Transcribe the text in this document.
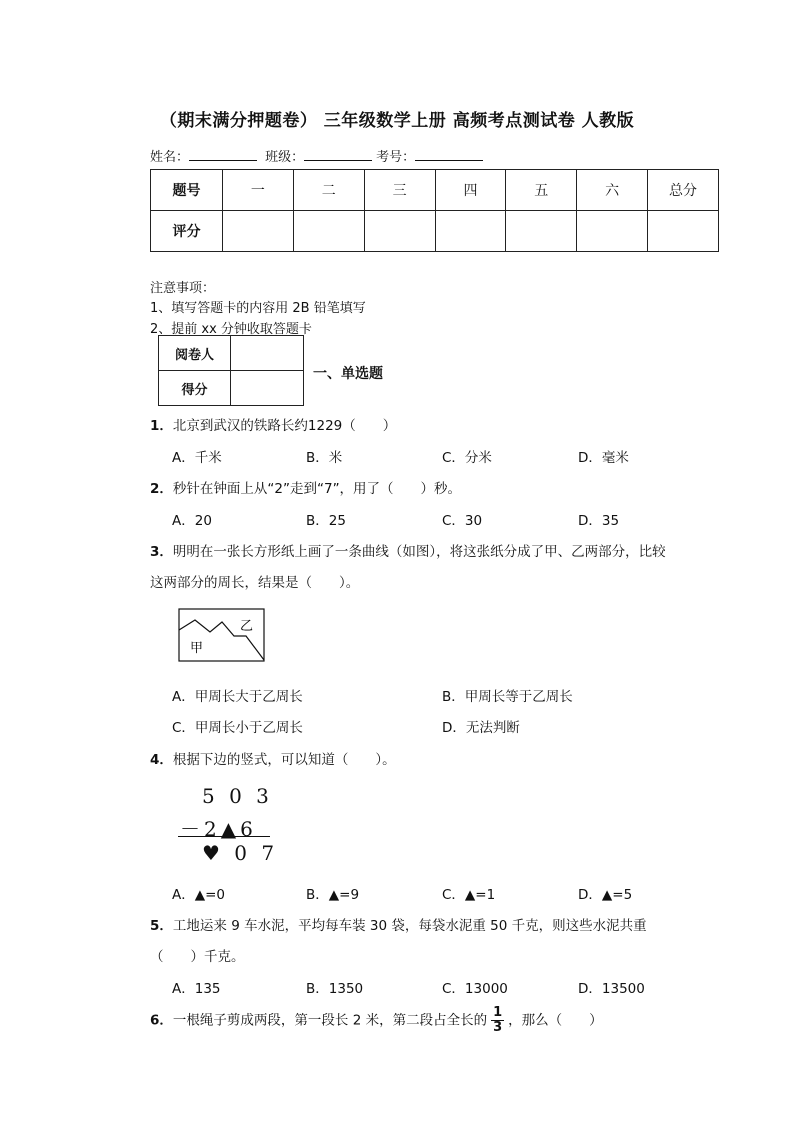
（期末满分押题卷） 三年级数学上册 高频考点测试卷 人教版
姓名：	班级：	考号：
题号	一	二	三	四	五	六	总分
评分							
注意事项：
1、填写答题卡的内容用 2B 铅笔填写
2、提前 xx 分钟收取答题卡
阅卷人	
得分	
一、单选题
1．北京到武汉的铁路长约1229（　　）
A．千米	B．米	C．分米	D．毫米
2．秒针在钟面上从“2”走到“7”，用了（　　）秒。
A．20	B．25	C．30	D．35
3．明明在一张长方形纸上画了一条曲线（如图），将这张纸分成了甲、乙两部分，比较
这两部分的周长，结果是（　　）。
甲
乙
A．甲周长大于乙周长	B．甲周长等于乙周长
C．甲周长小于乙周长	D．无法判断
4．根据下边的竖式，可以知道（　　）。
5 0 3
－2▲6
♥ 0 7
A．▲=0	B．▲=9	C．▲=1	D．▲=5
5．工地运来 9 车水泥，平均每车装 30 袋，每袋水泥重 50 千克，则这些水泥共重
（　　）千克。
A．135	B．1350	C．13000	D．13500
6．一根绳子剪成两段，第一段长 2 米，第二段占全长的 $\frac{1}{3}$ ，那么（　　）
